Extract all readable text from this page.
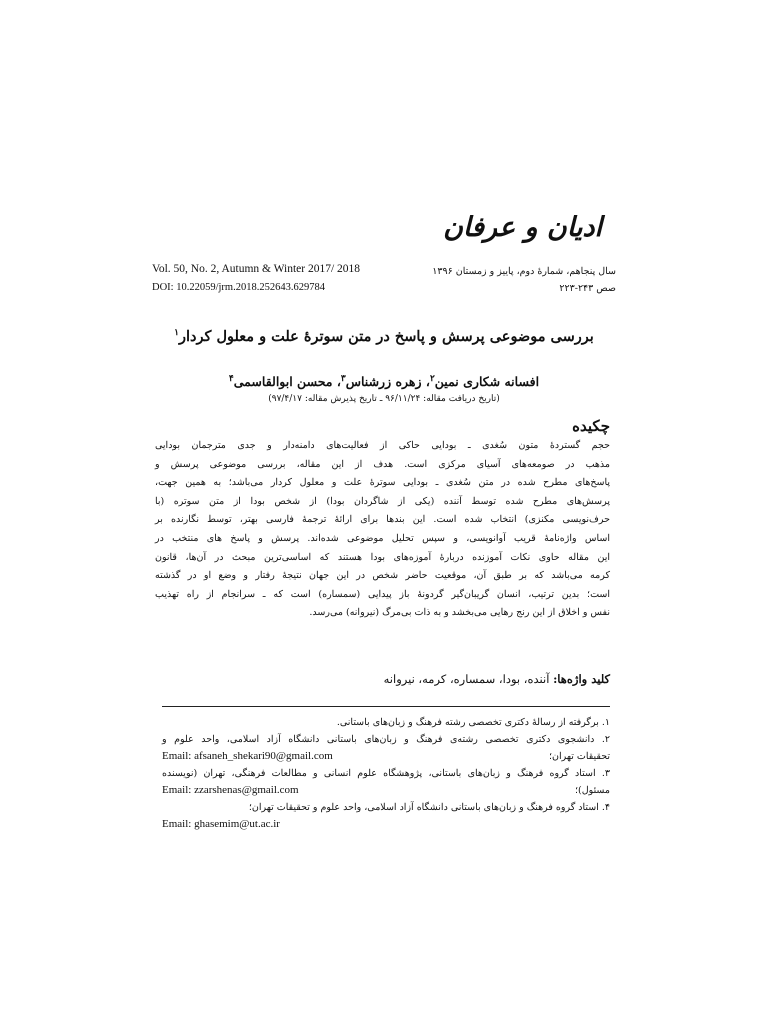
ادیان و عرفان
Vol. 50, No. 2, Autumn & Winter 2017/ 2018
DOI: 10.22059/jrm.2018.252643.629784
سال پنجاهم، شمارهٔ دوم، پاییز و زمستان ۱۳۹۶
صص ۲۴۳-۲۲۳
بررسی موضوعی پرسش و پاسخ در متن سوترهٔ علت و معلول کردار$^۱$
افسانه شکاری نمین$^۲$، زهره زرشناس$^۳$، محسن ابوالقاسمی$^۴$
(تاریخ دریافت مقاله: ۹۶/۱۱/۲۴ ـ تاریخ پذیرش مقاله: ۹۷/۴/۱۷)
چکیده
حجم گستردهٔ متون سُغدی ـ بودایی حاکی از فعالیت‌های دامنه‌دار و جدی مترجمان بودایی
مذهب در صومعه‌های آسیای مرکزی است. هدف از این مقاله، بررسی موضوعی پرسش و
پاسخ‌های مطرح شده در متن سُغدی ـ بودایی سوترهٔ علت و معلول کردار می‌باشد؛ به همین جهت،
پرسش‌های مطرح شده توسط آننده (یکی از شاگردان بودا) از شخص بودا از متن سوتره (با
حرف‌نویسی مکنزی) انتخاب شده است. این بندها برای ارائهٔ ترجمهٔ فارسی بهتر، توسط نگارنده بر
اساس واژه‌نامهٔ قریب آوانویسی، و سپس تحلیل موضوعی شده‌اند. پرسش و پاسخ های منتخب در
این مقاله حاوی نکات آموزنده دربارهٔ آموزه‌های بودا هستند که اساسی‌ترین مبحث در آن‌ها، قانون
کرمه می‌باشد که بر طبق آن، موقعیت حاضر شخص در این جهان نتیجهٔ رفتار و وضع او در گذشته
است؛ بدین ترتیب، انسان گریبان‌گیر گردونهٔ باز پیدایی (سمساره) است که ـ سرانجام از راه تهذیب
نفس و اخلاق از این رنج رهایی می‌بخشد و به ذات بی‌مرگ (نیروانه) می‌رسد.
کلید واژه‌ها: آننده، بودا، سمساره، کرمه، نیروانه
۱. برگرفته از رسالهٔ دکتری تخصصی رشته فرهنگ و زبان‌های باستانی.
۲. دانشجوی دکتری تخصصی رشته‌ی فرهنگ و زبان‌های باستانی دانشگاه آزاد اسلامی، واحد علوم و
تحقیقات تهران؛
Email: afsaneh_shekari90@gmail.com
۳. استاد گروه فرهنگ و زبان‌های باستانی، پژوهشگاه علوم انسانی و مطالعات فرهنگی، تهران (نویسنده
مسئول)؛
Email: zzarshenas@gmail.com
۴. استاد گروه فرهنگ و زبان‌های باستانی دانشگاه آزاد اسلامی، واحد علوم و تحقیقات تهران؛
Email: ghasemim@ut.ac.ir
